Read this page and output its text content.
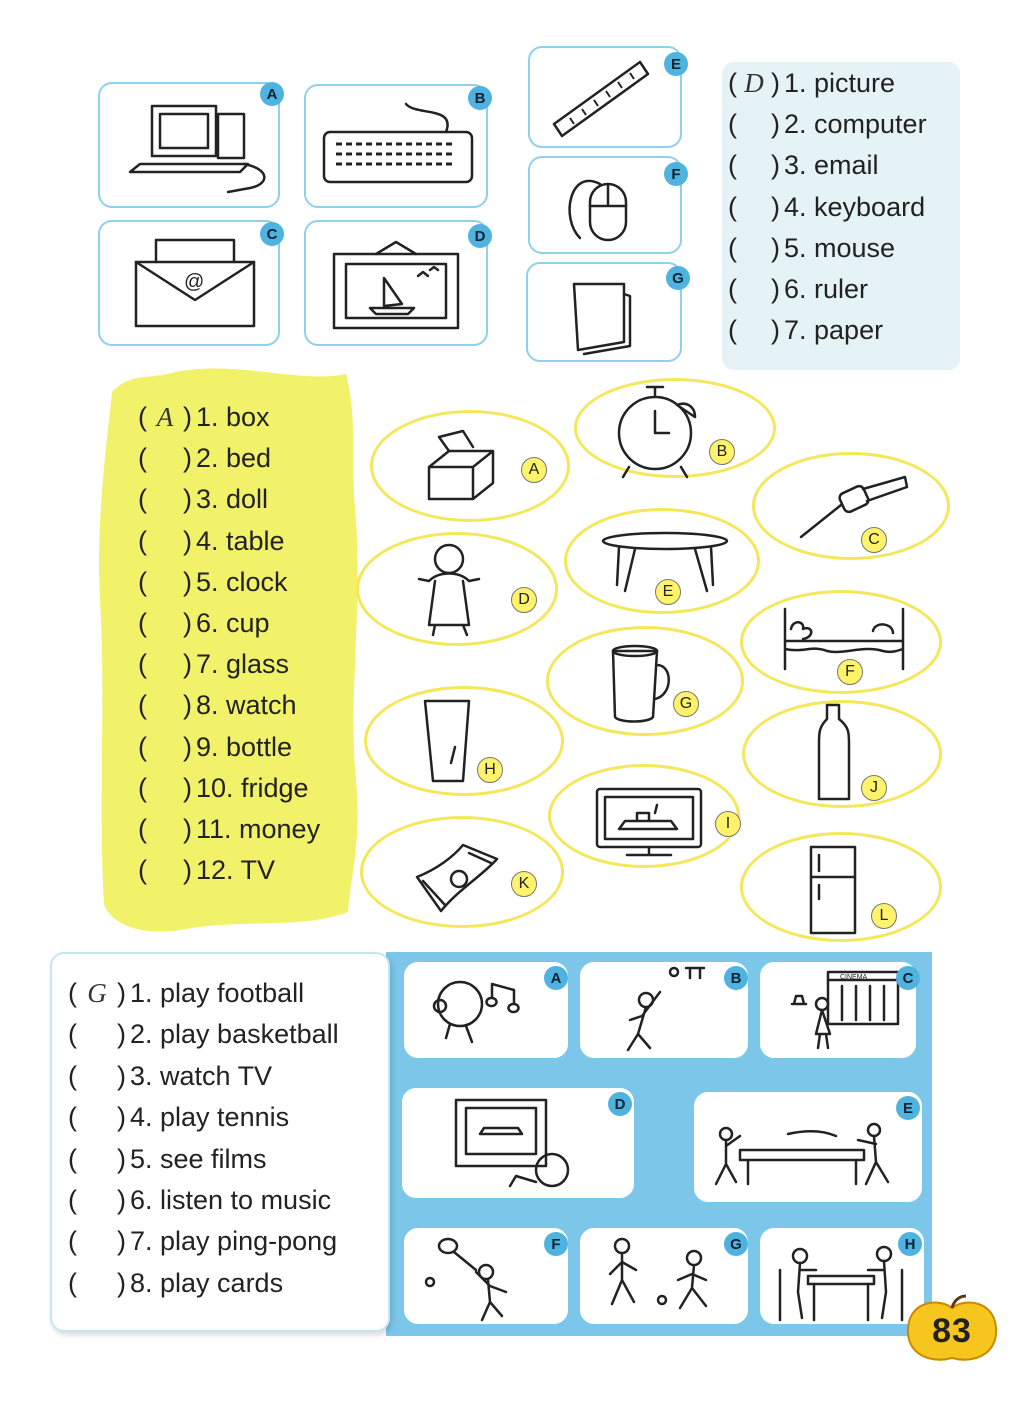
A	B
@
C	D
E
F
G
( D ) 1. picture
( ) 2. computer
( ) 3. email
( ) 4. keyboard
( ) 5. mouse
( ) 6. ruler
( ) 7. paper
( A ) 1. box
( ) 2. bed
( ) 3. doll
( ) 4. table
( ) 5. clock
( ) 6. cup
( ) 7. glass
( ) 8. watch
( ) 9. bottle
( ) 10. fridge
( ) 11. money
( ) 12. TV
A
B
C
D	E
F
G
H
I
J
K
L
( G ) 1. play football
( ) 2. play basketball
( ) 3. watch TV
( ) 4. play tennis
( ) 5. see films
( ) 6. listen to music
( ) 7. play ping-pong
( ) 8. play cards
A	B	CINEMA	C
D	E
F	G	H
83
